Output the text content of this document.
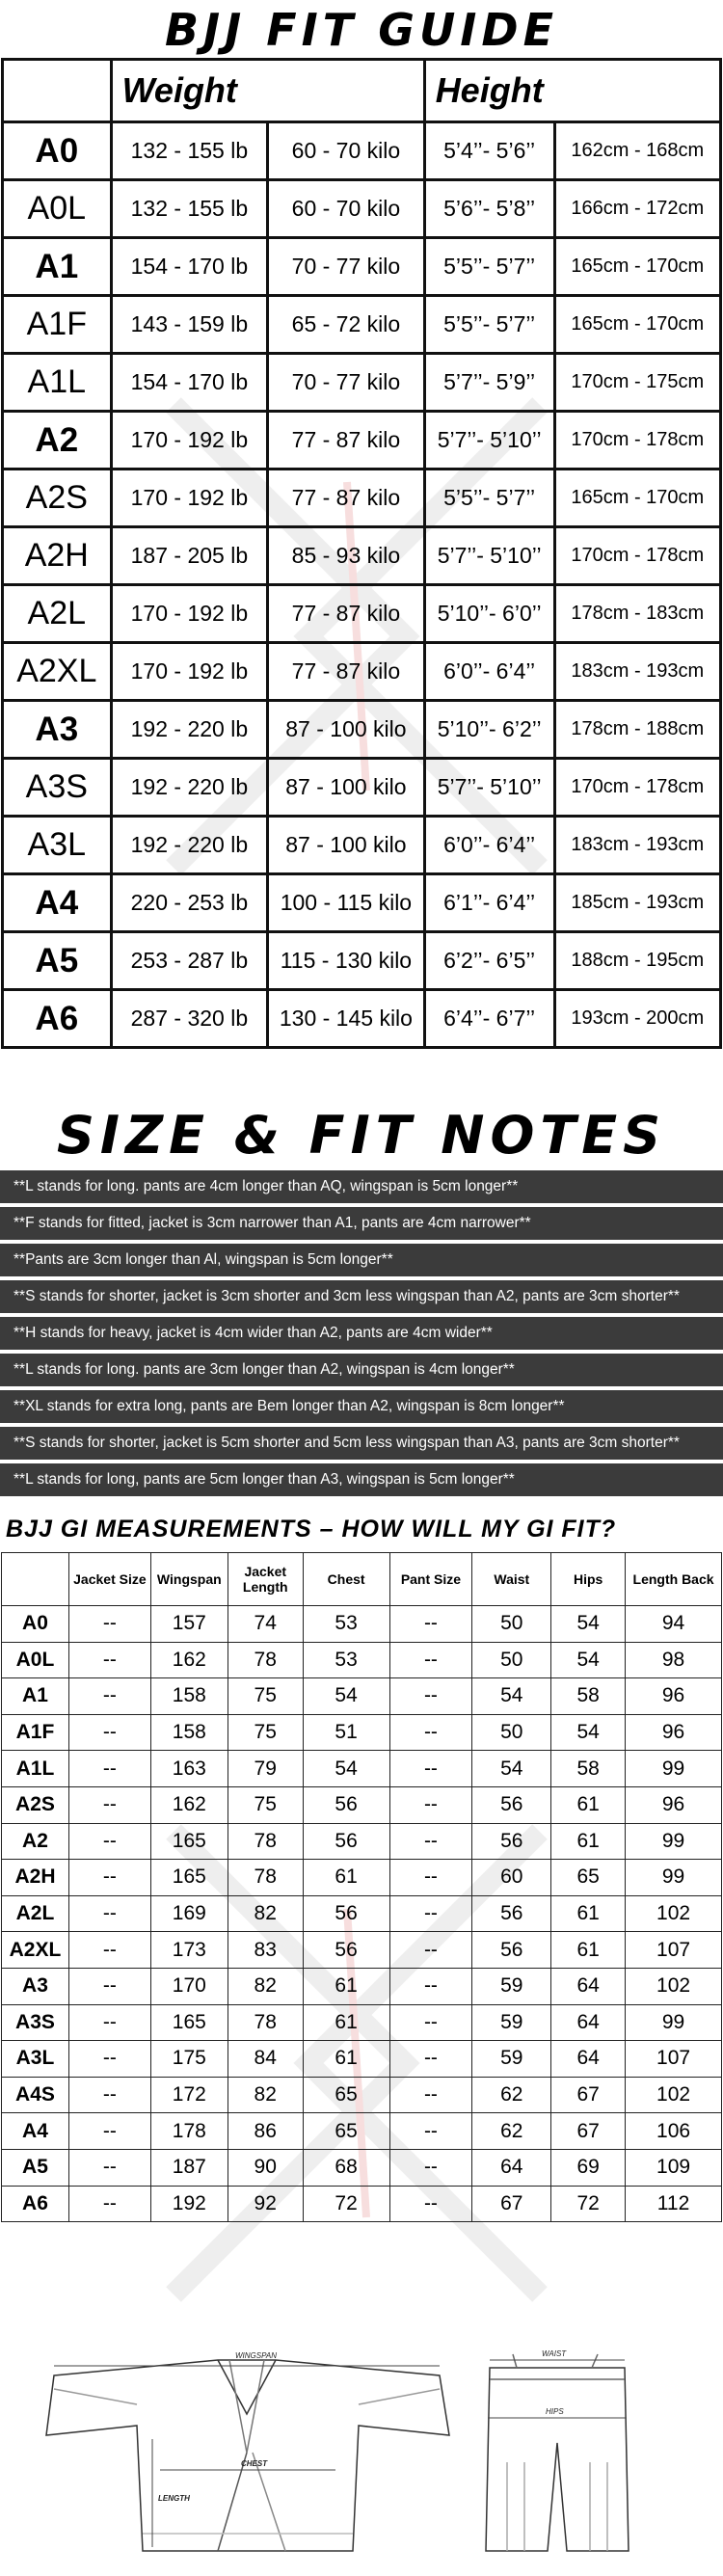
BJJ FIT GUIDE
	Weight		Height	
A0	132 - 155 lb	60 - 70 kilo	5’4’’- 5’6’’	162cm - 168cm
A0L	132 - 155 lb	60 - 70 kilo	5’6’’- 5’8’’	166cm - 172cm
A1	154 - 170 lb	70 - 77 kilo	5’5’’- 5’7’’	165cm - 170cm
A1F	143 - 159 lb	65 - 72 kilo	5’5’’- 5’7’’	165cm - 170cm
A1L	154 - 170 lb	70 - 77 kilo	5’7’’- 5’9’’	170cm - 175cm
A2	170 - 192 lb	77 - 87 kilo	5’7’’- 5’10’’	170cm - 178cm
A2S	170 - 192 lb	77 - 87 kilo	5’5’’- 5’7’’	165cm - 170cm
A2H	187 - 205 lb	85 - 93 kilo	5’7’’- 5’10’’	170cm - 178cm
A2L	170 - 192 lb	77 - 87 kilo	5’10’’- 6’0’’	178cm - 183cm
A2XL	170 - 192 lb	77 - 87 kilo	6’0’’- 6’4’’	183cm - 193cm
A3	192 - 220 lb	87 - 100 kilo	5’10’’- 6’2’’	178cm - 188cm
A3S	192 - 220 lb	87 - 100 kilo	5’7’’- 5’10’’	170cm - 178cm
A3L	192 - 220 lb	87 - 100 kilo	6’0’’- 6’4’’	183cm - 193cm
A4	220 - 253 lb	100 - 115 kilo	6’1’’- 6’4’’	185cm - 193cm
A5	253 - 287 lb	115 - 130 kilo	6’2’’- 6’5’’	188cm - 195cm
A6	287 - 320 lb	130 - 145 kilo	6’4’’- 6’7’’	193cm - 200cm
SIZE & FIT NOTES
**L stands for long. pants are 4cm longer than AQ, wingspan is 5cm longer**
**F stands for fitted, jacket is 3cm narrower than A1, pants are 4cm narrower**
**Pants are 3cm longer than Al, wingspan is 5cm longer**
**S stands for shorter, jacket is 3cm shorter and 3cm less wingspan than A2, pants are 3cm shorter**
**H stands for heavy, jacket is 4cm wider than A2, pants are 4cm wider**
**L stands for long. pants are 3cm longer than A2, wingspan is 4cm longer**
**XL stands for extra long, pants are Bem longer than A2, wingspan is 8cm longer**
**S stands for shorter, jacket is 5cm shorter and 5cm less wingspan than A3, pants are 3cm shorter**
**L stands for long, pants are 5cm longer than A3, wingspan is 5cm longer**
BJJ GI MEASUREMENTS – HOW WILL MY GI FIT?
	Jacket Size	Wingspan	Jacket Length	Chest	Pant Size	Waist	Hips	Length Back
A0	--	157	74	53	--	50	54	94
A0L	--	162	78	53	--	50	54	98
A1	--	158	75	54	--	54	58	96
A1F	--	158	75	51	--	50	54	96
A1L	--	163	79	54	--	54	58	99
A2S	--	162	75	56	--	56	61	96
A2	--	165	78	56	--	56	61	99
A2H	--	165	78	61	--	60	65	99
A2L	--	169	82	56	--	56	61	102
A2XL	--	173	83	56	--	56	61	107
A3	--	170	82	61	--	59	64	102
A3S	--	165	78	61	--	59	64	99
A3L	--	175	84	61	--	59	64	107
A4S	--	172	82	65	--	62	67	102
A4	--	178	86	65	--	62	67	106
A5	--	187	90	68	--	64	69	109
A6	--	192	92	72	--	67	72	112
WINGSPAN
CHEST
LENGTH
WAIST
HIPS
